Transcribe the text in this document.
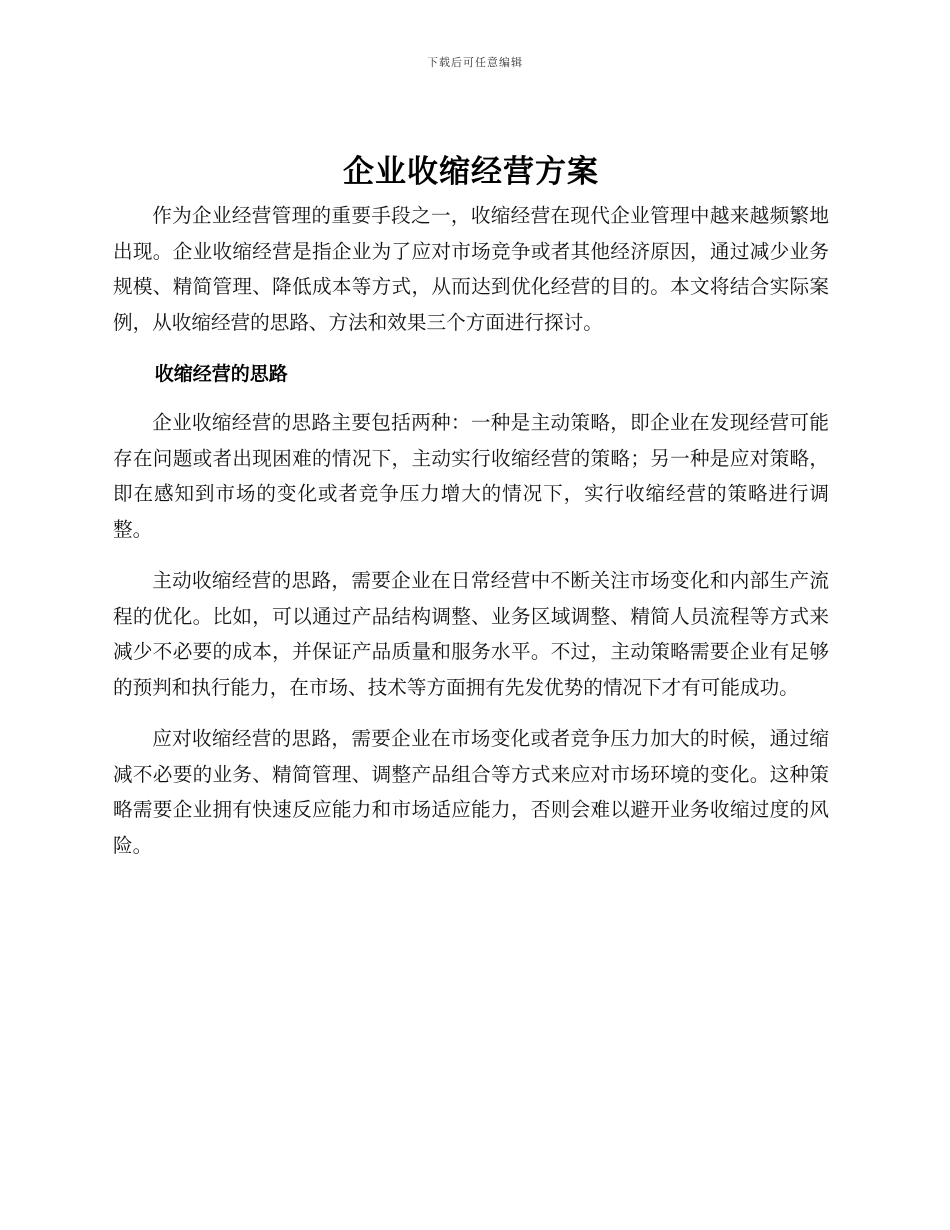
下载后可任意编辑
企业收缩经营方案

作为企业经营管理的重要手段之一，收缩经营在现代企业管理中越来越频繁地出现。企业收缩经营是指企业为了应对市场竞争或者其他经济原因，通过减少业务规模、精简管理、降低成本等方式，从而达到优化经营的目的。本文将结合实际案例，从收缩经营的思路、方法和效果三个方面进行探讨。

收缩经营的思路

企业收缩经营的思路主要包括两种：一种是主动策略，即企业在发现经营可能存在问题或者出现困难的情况下，主动实行收缩经营的策略；另一种是应对策略，即在感知到市场的变化或者竞争压力增大的情况下，实行收缩经营的策略进行调整。

主动收缩经营的思路，需要企业在日常经营中不断关注市场变化和内部生产流程的优化。比如，可以通过产品结构调整、业务区域调整、精简人员流程等方式来减少不必要的成本，并保证产品质量和服务水平。不过，主动策略需要企业有足够的预判和执行能力，在市场、技术等方面拥有先发优势的情况下才有可能成功。

应对收缩经营的思路，需要企业在市场变化或者竞争压力加大的时候，通过缩减不必要的业务、精简管理、调整产品组合等方式来应对市场环境的变化。这种策略需要企业拥有快速反应能力和市场适应能力，否则会难以避开业务收缩过度的风险。
